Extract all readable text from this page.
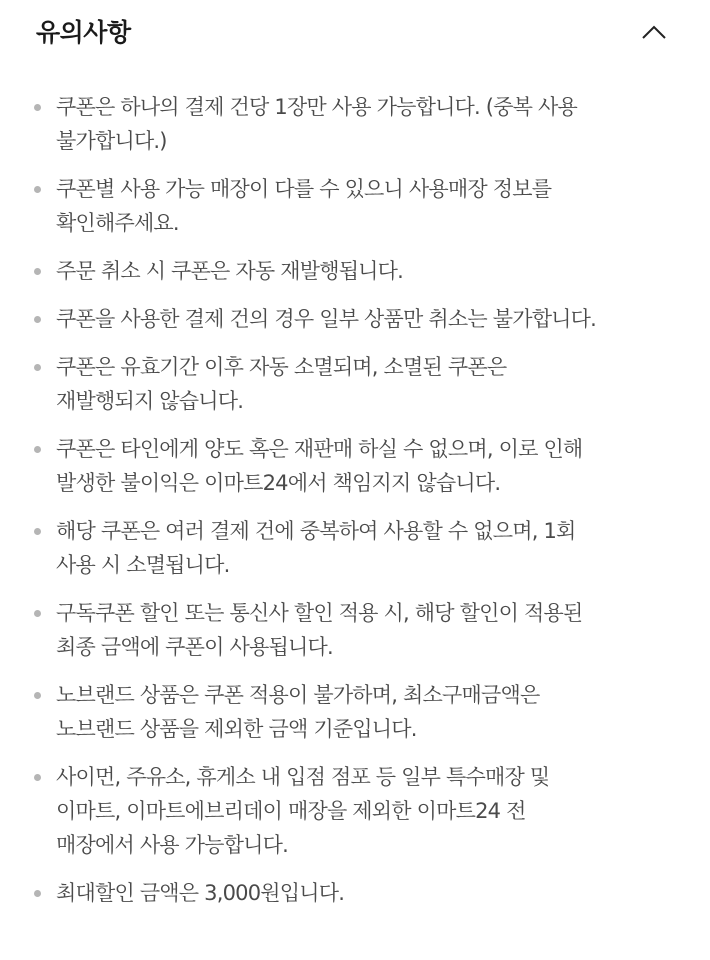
유의사항
쿠폰은 하나의 결제 건당 1장만 사용 가능합니다. (중복 사용
불가합니다.)
쿠폰별 사용 가능 매장이 다를 수 있으니 사용매장 정보를
확인해주세요.
주문 취소 시 쿠폰은 자동 재발행됩니다.
쿠폰을 사용한 결제 건의 경우 일부 상품만 취소는 불가합니다.
쿠폰은 유효기간 이후 자동 소멸되며, 소멸된 쿠폰은
재발행되지 않습니다.
쿠폰은 타인에게 양도 혹은 재판매 하실 수 없으며, 이로 인해
발생한 불이익은 이마트24에서 책임지지 않습니다.
해당 쿠폰은 여러 결제 건에 중복하여 사용할 수 없으며, 1회
사용 시 소멸됩니다.
구독쿠폰 할인 또는 통신사 할인 적용 시, 해당 할인이 적용된
최종 금액에 쿠폰이 사용됩니다.
노브랜드 상품은 쿠폰 적용이 불가하며, 최소구매금액은
노브랜드 상품을 제외한 금액 기준입니다.
사이먼, 주유소, 휴게소 내 입점 점포 등 일부 특수매장 및
이마트, 이마트에브리데이 매장을 제외한 이마트24 전
매장에서 사용 가능합니다.
최대할인 금액은 3,000원입니다.
